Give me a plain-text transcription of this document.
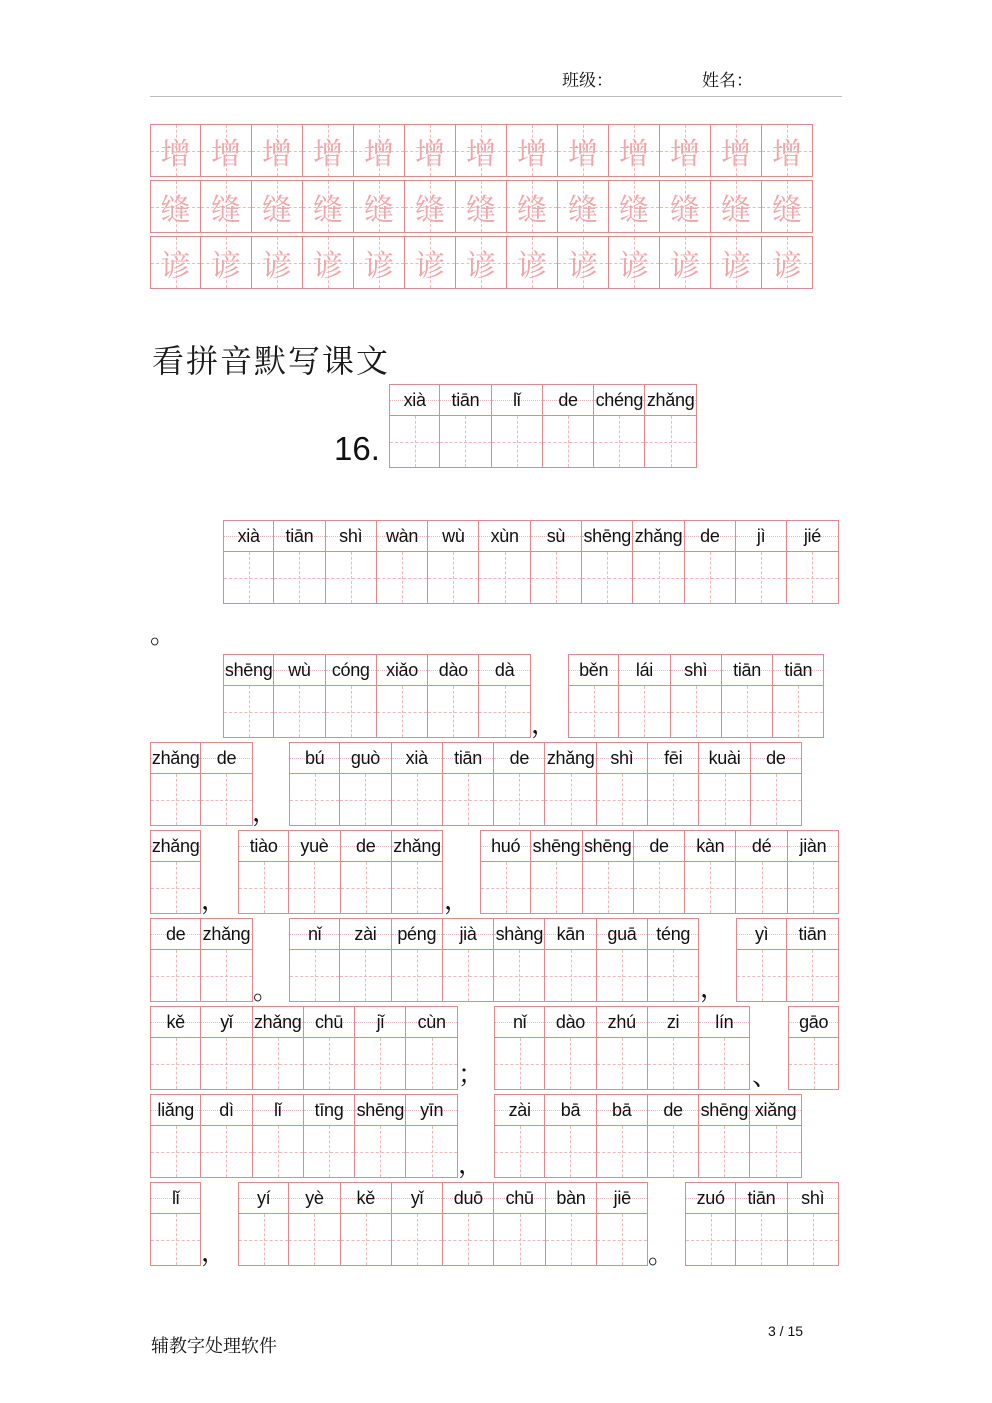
班级：	姓名：
增 增 增 增 增 增 增 增 增 增 增 增 增
缝 缝 缝 缝 缝 缝 缝 缝 缝 缝 缝 缝 缝
谚 谚 谚 谚 谚 谚 谚 谚 谚 谚 谚 谚 谚
看拼音默写课文
16.
xià tiān lǐ de chéng zhǎng
xià tiān shì wàn wù xùn sù shēng zhǎng de jì jié
shēng wù cóng xiǎo dào dà	běn lái shì tiān tiān
zhǎng de	bú guò xià tiān de zhǎng shì fēi kuài de
zhǎng	tiào yuè de zhǎng	huó shēng shēng de kàn dé jiàn
de zhǎng	nǐ zài péng jià shàng kān guā téng	yì tiān
kě yǐ zhǎng chū jǐ cùn	nǐ dào zhú zi lín	gāo
liǎng dì lǐ tīng shēng yīn	zài bā bā de shēng xiǎng
lǐ	yí yè kě yǐ duō chū bàn jiē	zuó tiān shì
。
，
，
，	，
。	，
；	、
，
，	。
辅教字处理软件
3 / 15
